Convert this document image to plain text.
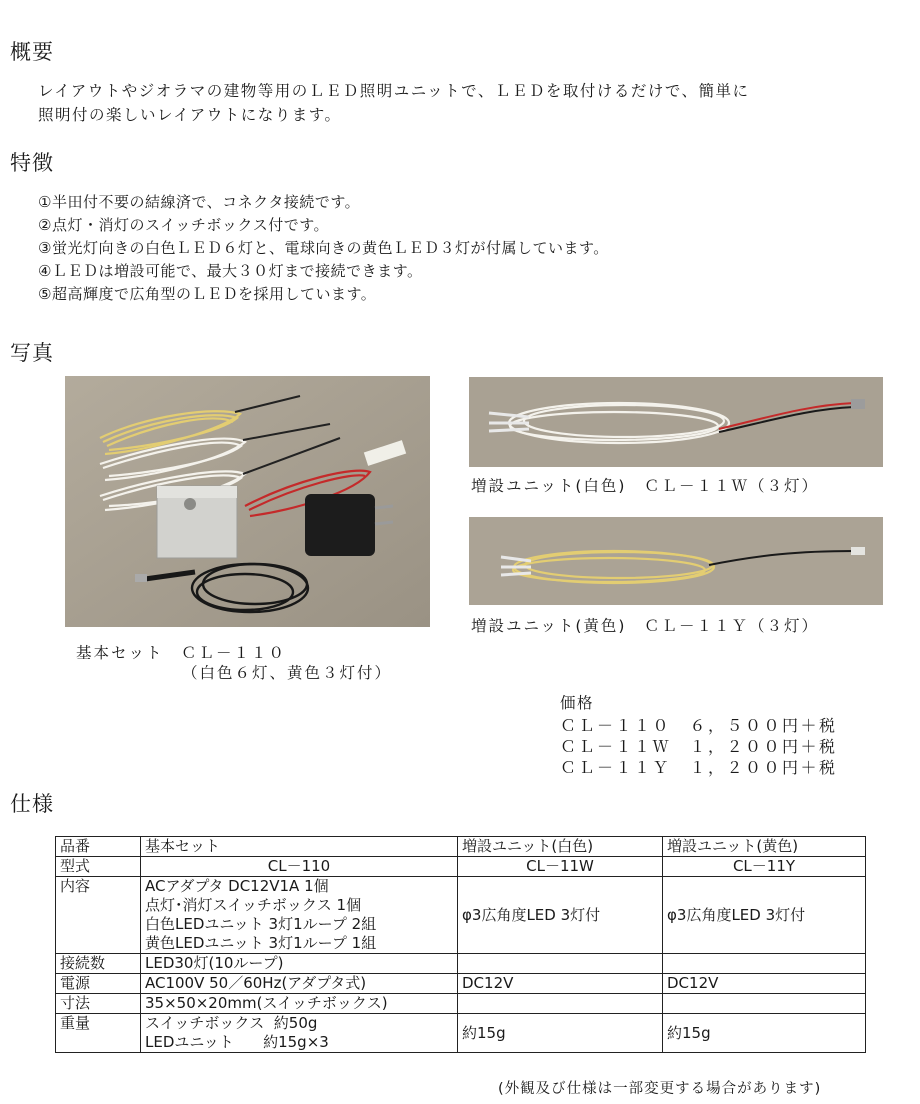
概要
レイアウトやジオラマの建物等用のＬＥＤ照明ユニットで、ＬＥＤを取付けるだけで、簡単に
照明付の楽しいレイアウトになります。
特徴
①半田付不要の結線済で、コネクタ接続です。
②点灯・消灯のスイッチボックス付です。
③蛍光灯向きの白色ＬＥＤ６灯と、電球向きの黄色ＬＥＤ３灯が付属しています。
④ＬＥＤは増設可能で、最大３０灯まで接続できます。
⑤超高輝度で広角型のＬＥＤを採用しています。
写真
基本セット　ＣＬ－１１０
（白色６灯、黄色３灯付）
増設ユニット(白色)　ＣＬ－１１Ｗ（３灯）
増設ユニット(黄色)　ＣＬ－１１Ｙ（３灯）
価格
ＣＬ－１１０　６，５００円＋税
ＣＬ－１１Ｗ　１，２００円＋税
ＣＬ－１１Ｙ　１，２００円＋税
仕様
品番	基本セット	増設ユニット(白色)	増設ユニット(黄色)
型式	CL－110	CL－11W	CL－11Y
内容	ACアダプタ DC12V1A 1個
点灯･消灯スイッチボックス 1個
白色LEDユニット 3灯1ループ 2組
黄色LEDユニット 3灯1ループ 1組	φ3広角度LED 3灯付	φ3広角度LED 3灯付
接続数	LED30灯(10ループ)		
電源	AC100V 50／60Hz(アダプタ式)	DC12V	DC12V
寸法	35×50×20mm(スイッチボックス)		
重量	スイッチボックス  約50g
LEDユニット　   約15g×3	約15g	約15g
(外観及び仕様は一部変更する場合があります)
